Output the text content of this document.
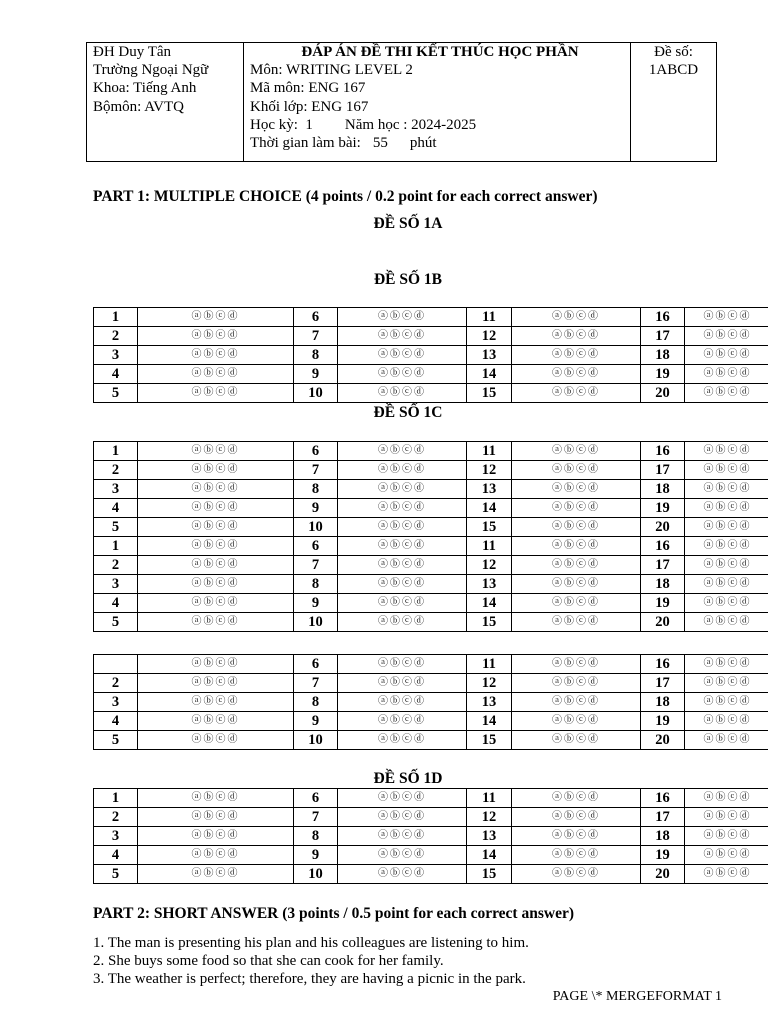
ĐH Duy Tân
Trường Ngoại Ngữ
Khoa: Tiếng Anh
Bộmôn: AVTQ

ĐÁP ÁN ĐỀ THI KẾT THÚC HỌC PHẦN
Môn: WRITING LEVEL 2
Mã môn: ENG 167
Khối lớp: ENG 167
Học kỳ: 1 Năm học : 2024-2025
Thời gian làm bài: 55 phút

Đề số:
1ABCD
PART 1: MULTIPLE CHOICE (4 points / 0.2 point for each correct answer)
ĐỀ SỐ 1A
ĐỀ SỐ 1B
1	ⓐⓑⓒⓓ	6	ⓐⓑⓒⓓ	11	ⓐⓑⓒⓓ	16	ⓐⓑⓒⓓ
2	ⓐⓑⓒⓓ	7	ⓐⓑⓒⓓ	12	ⓐⓑⓒⓓ	17	ⓐⓑⓒⓓ
3	ⓐⓑⓒⓓ	8	ⓐⓑⓒⓓ	13	ⓐⓑⓒⓓ	18	ⓐⓑⓒⓓ
4	ⓐⓑⓒⓓ	9	ⓐⓑⓒⓓ	14	ⓐⓑⓒⓓ	19	ⓐⓑⓒⓓ
5	ⓐⓑⓒⓓ	10	ⓐⓑⓒⓓ	15	ⓐⓑⓒⓓ	20	ⓐⓑⓒⓓ
ĐỀ SỐ 1C
1	ⓐⓑⓒⓓ	6	ⓐⓑⓒⓓ	11	ⓐⓑⓒⓓ	16	ⓐⓑⓒⓓ
2	ⓐⓑⓒⓓ	7	ⓐⓑⓒⓓ	12	ⓐⓑⓒⓓ	17	ⓐⓑⓒⓓ
3	ⓐⓑⓒⓓ	8	ⓐⓑⓒⓓ	13	ⓐⓑⓒⓓ	18	ⓐⓑⓒⓓ
4	ⓐⓑⓒⓓ	9	ⓐⓑⓒⓓ	14	ⓐⓑⓒⓓ	19	ⓐⓑⓒⓓ
5	ⓐⓑⓒⓓ	10	ⓐⓑⓒⓓ	15	ⓐⓑⓒⓓ	20	ⓐⓑⓒⓓ
1	ⓐⓑⓒⓓ	6	ⓐⓑⓒⓓ	11	ⓐⓑⓒⓓ	16	ⓐⓑⓒⓓ
2	ⓐⓑⓒⓓ	7	ⓐⓑⓒⓓ	12	ⓐⓑⓒⓓ	17	ⓐⓑⓒⓓ
3	ⓐⓑⓒⓓ	8	ⓐⓑⓒⓓ	13	ⓐⓑⓒⓓ	18	ⓐⓑⓒⓓ
4	ⓐⓑⓒⓓ	9	ⓐⓑⓒⓓ	14	ⓐⓑⓒⓓ	19	ⓐⓑⓒⓓ
5	ⓐⓑⓒⓓ	10	ⓐⓑⓒⓓ	15	ⓐⓑⓒⓓ	20	ⓐⓑⓒⓓ
	ⓐⓑⓒⓓ	6	ⓐⓑⓒⓓ	11	ⓐⓑⓒⓓ	16	ⓐⓑⓒⓓ
2	ⓐⓑⓒⓓ	7	ⓐⓑⓒⓓ	12	ⓐⓑⓒⓓ	17	ⓐⓑⓒⓓ
3	ⓐⓑⓒⓓ	8	ⓐⓑⓒⓓ	13	ⓐⓑⓒⓓ	18	ⓐⓑⓒⓓ
4	ⓐⓑⓒⓓ	9	ⓐⓑⓒⓓ	14	ⓐⓑⓒⓓ	19	ⓐⓑⓒⓓ
5	ⓐⓑⓒⓓ	10	ⓐⓑⓒⓓ	15	ⓐⓑⓒⓓ	20	ⓐⓑⓒⓓ
ĐỀ SỐ 1D
1	ⓐⓑⓒⓓ	6	ⓐⓑⓒⓓ	11	ⓐⓑⓒⓓ	16	ⓐⓑⓒⓓ
2	ⓐⓑⓒⓓ	7	ⓐⓑⓒⓓ	12	ⓐⓑⓒⓓ	17	ⓐⓑⓒⓓ
3	ⓐⓑⓒⓓ	8	ⓐⓑⓒⓓ	13	ⓐⓑⓒⓓ	18	ⓐⓑⓒⓓ
4	ⓐⓑⓒⓓ	9	ⓐⓑⓒⓓ	14	ⓐⓑⓒⓓ	19	ⓐⓑⓒⓓ
5	ⓐⓑⓒⓓ	10	ⓐⓑⓒⓓ	15	ⓐⓑⓒⓓ	20	ⓐⓑⓒⓓ
PART 2: SHORT ANSWER (3 points / 0.5 point for each correct answer)
1. The man is presenting his plan and his colleagues are listening to him.
2. She buys some food so that she can cook for her family.
3. The weather is perfect; therefore, they are having a picnic in the park.
PAGE \* MERGEFORMAT 1
